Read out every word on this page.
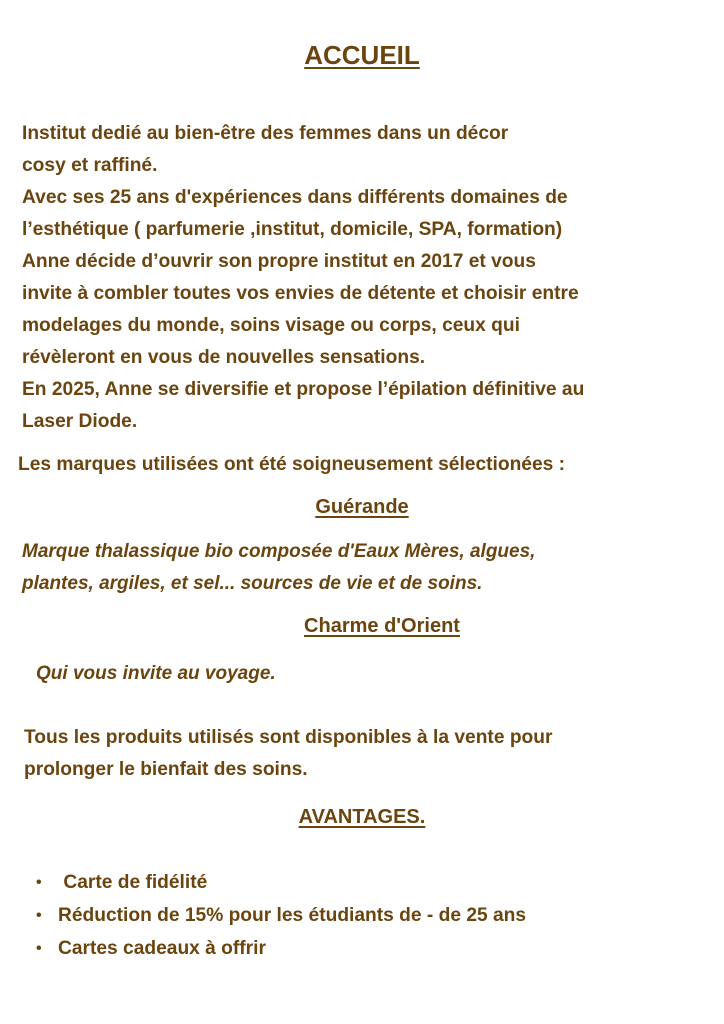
ACCUEIL
Institut dedié au bien-être des femmes dans un décor
cosy et raffiné.
Avec ses 25 ans d'expériences dans différents domaines de
l’esthétique ( parfumerie ,institut, domicile, SPA, formation)
Anne décide d’ouvrir son propre institut en 2017 et vous
invite à combler toutes vos envies de détente et choisir entre
modelages du monde, soins visage ou corps, ceux qui
révèleront en vous de nouvelles sensations.
En 2025, Anne se diversifie et propose l’épilation définitive au
Laser Diode.
Les marques utilisées ont été soigneusement sélectionées :
Guérande
Marque thalassique bio composée d'Eaux Mères, algues,
plantes, argiles, et sel... sources de vie et de soins.
Charme d'Orient
Qui vous invite au voyage.
Tous les produits utilisés sont disponibles à la vente pour
prolonger le bienfait des soins.
AVANTAGES.
• Carte de fidélité
• Réduction de 15% pour les étudiants de - de 25 ans
• Cartes cadeaux à offrir
